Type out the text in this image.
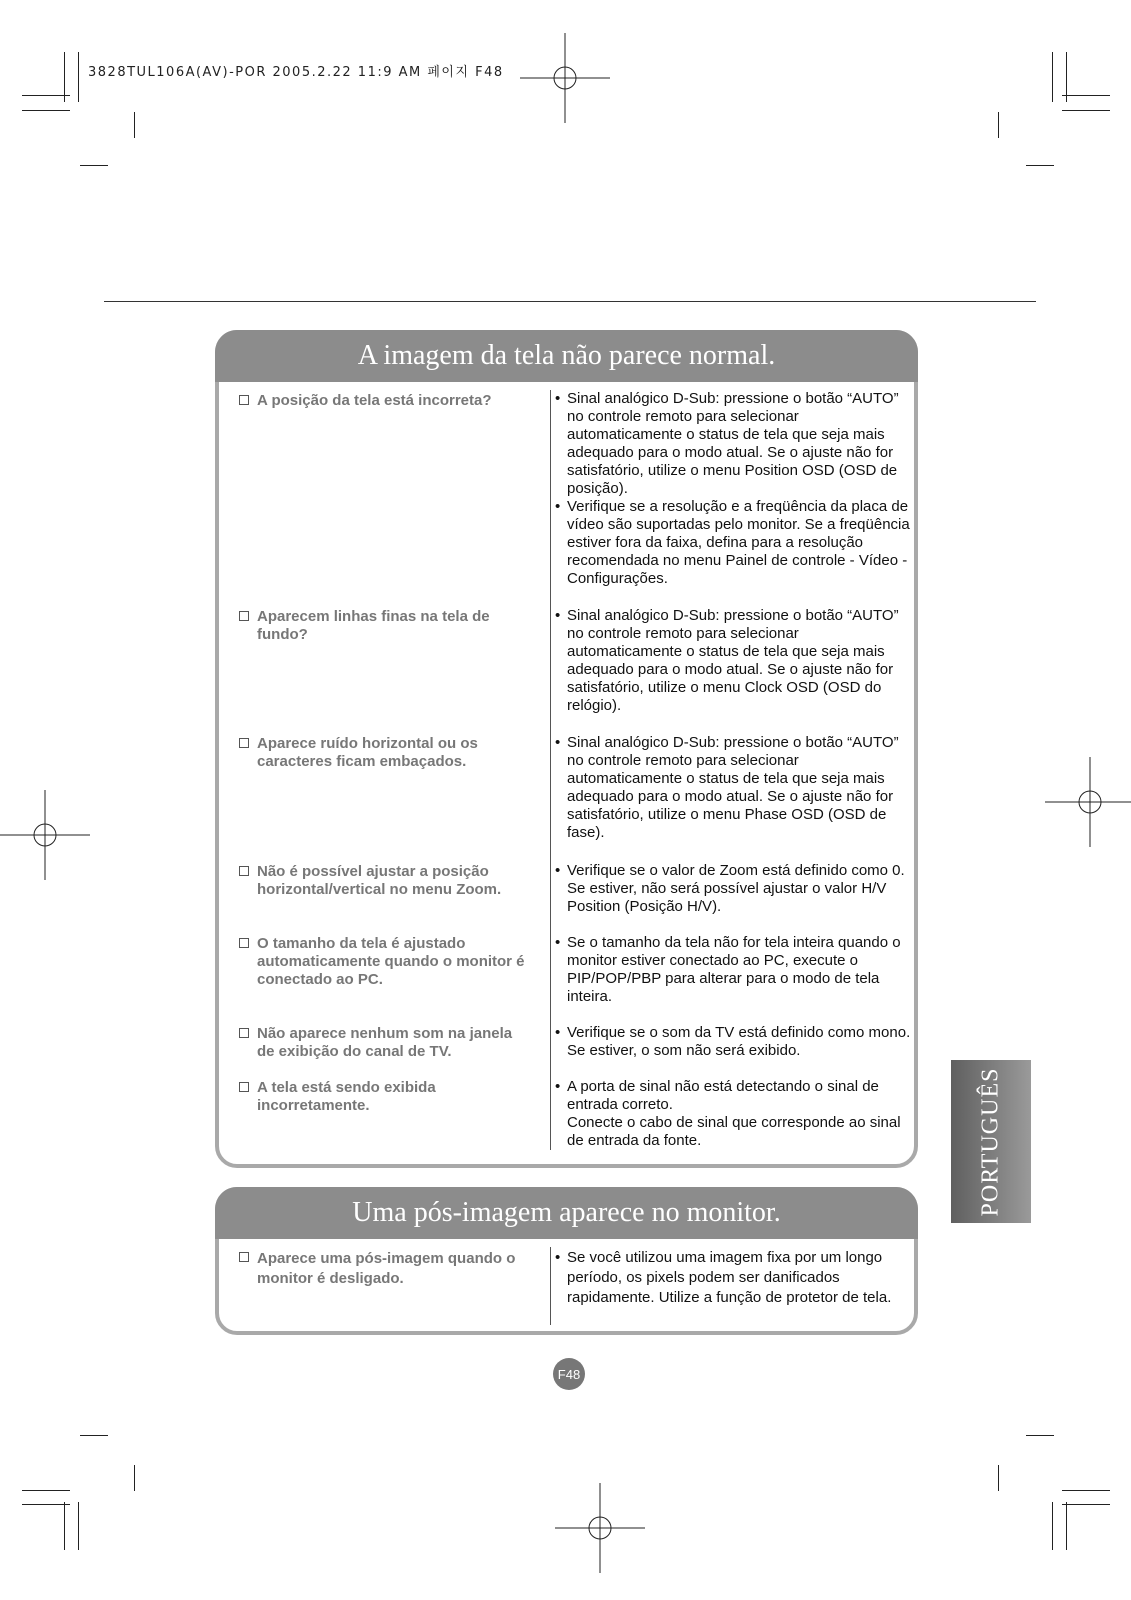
3828TUL106A(AV)-POR 2005.2.22 11:9 AM 페이지 F48
A imagem da tela não parece normal.
A posição da tela está incorreta?
•	Sinal analógico D-Sub: pressione o botão “AUTO” no controle remoto para selecionar automaticamente o status de tela que seja mais adequado para o modo atual. Se o ajuste não for satisfatório, utilize o menu Position OSD (OSD de posição).
• Verifique se a resolução e a freqüência da placa de vídeo são suportadas pelo monitor. Se a freqüência estiver fora da faixa, defina para a resolução recomendada no menu Painel de controle - Vídeo - Configurações.
Aparecem linhas finas na tela de fundo?
• Sinal analógico D-Sub: pressione o botão “AUTO” no controle remoto para selecionar automaticamente o status de tela que seja mais adequado para o modo atual. Se o ajuste não for satisfatório, utilize o menu Clock OSD (OSD do relógio).
Aparece ruído horizontal ou os caracteres ficam embaçados.
• Sinal analógico D-Sub: pressione o botão “AUTO” no controle remoto para selecionar automaticamente o status de tela que seja mais adequado para o modo atual. Se o ajuste não for satisfatório, utilize o menu Phase OSD (OSD de fase).
Não é possível ajustar a posição horizontal/vertical no menu Zoom.
• Verifique se o valor de Zoom está definido como 0. Se estiver, não será possível ajustar o valor H/V Position (Posição H/V).
O tamanho da tela é ajustado automaticamente quando o monitor é conectado ao PC.
• Se o tamanho da tela não for tela inteira quando o monitor estiver conectado ao PC, execute o PIP/POP/PBP para alterar para o modo de tela inteira.
Não aparece nenhum som na janela de exibição do canal de TV.
• Verifique se o som da TV está definido como mono. Se estiver, o som não será exibido.
A tela está sendo exibida incorretamente.
• A porta de sinal não está detectando o sinal de entrada correto.
Conecte o cabo de sinal que corresponde ao sinal de entrada da fonte.
Uma pós-imagem aparece no monitor.
Aparece uma pós-imagem quando o monitor é desligado.
• Se você utilizou uma imagem fixa por um longo período, os pixels podem ser danificados rapidamente. Utilize a função de protetor de tela.
PORTUGUÊS
F48
